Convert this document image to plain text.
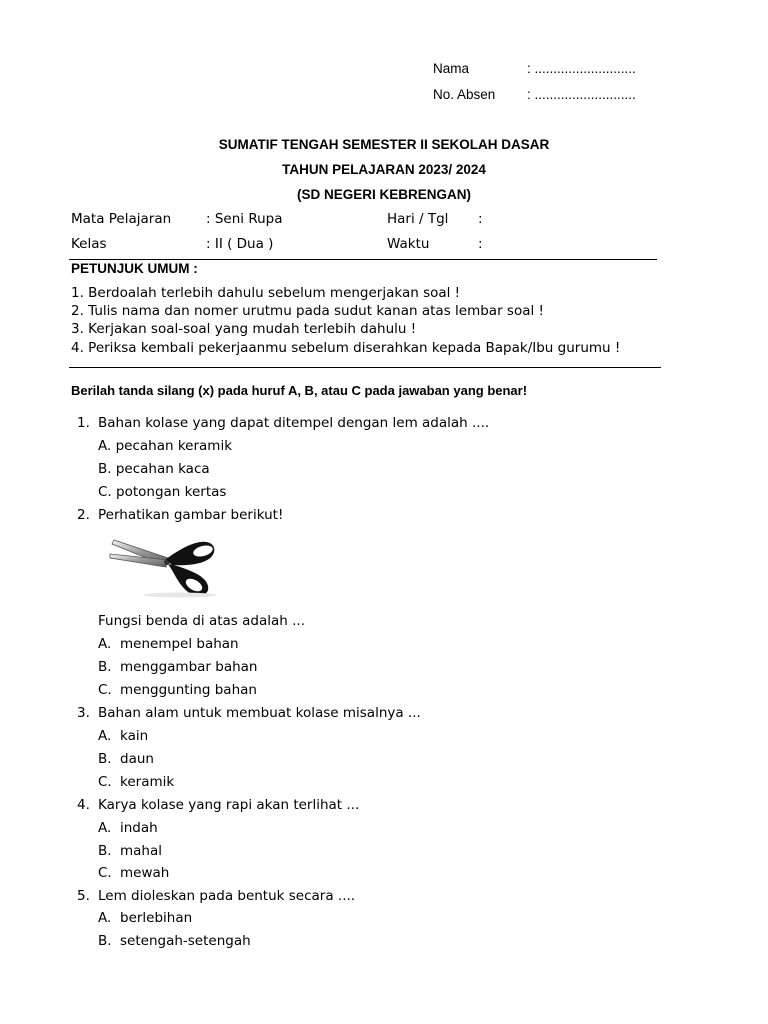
Nama	: ...........................
No. Absen : ...........................
SUMATIF TENGAH SEMESTER II SEKOLAH DASAR
TAHUN PELAJARAN 2023/ 2024
(SD NEGERI KEBRENGAN)
Mata Pelajaran	: Seni Rupa	Hari / Tgl :
Kelas	: II ( Dua )	Waktu	:
PETUNJUK UMUM :
1. Berdoalah terlebih dahulu sebelum mengerjakan soal !
2. Tulis nama dan nomer urutmu pada sudut kanan atas lembar soal !
3. Kerjakan soal-soal yang mudah terlebih dahulu !
4. Periksa kembali pekerjaanmu sebelum diserahkan kepada Bapak/Ibu gurumu !
Berilah tanda silang (x) pada huruf A, B, atau C pada jawaban yang benar!
1. Bahan kolase yang dapat ditempel dengan lem adalah ....
A. pecahan keramik
B. pecahan kaca
C. potongan kertas
2. Perhatikan gambar berikut!
Fungsi benda di atas adalah ...
A. menempel bahan
B. menggambar bahan
C. menggunting bahan
3. Bahan alam untuk membuat kolase misalnya ...
A. kain
B. daun
C. keramik
4. Karya kolase yang rapi akan terlihat ...
A. indah
B. mahal
C. mewah
5. Lem dioleskan pada bentuk secara ....
A. berlebihan
B. setengah-setengah
